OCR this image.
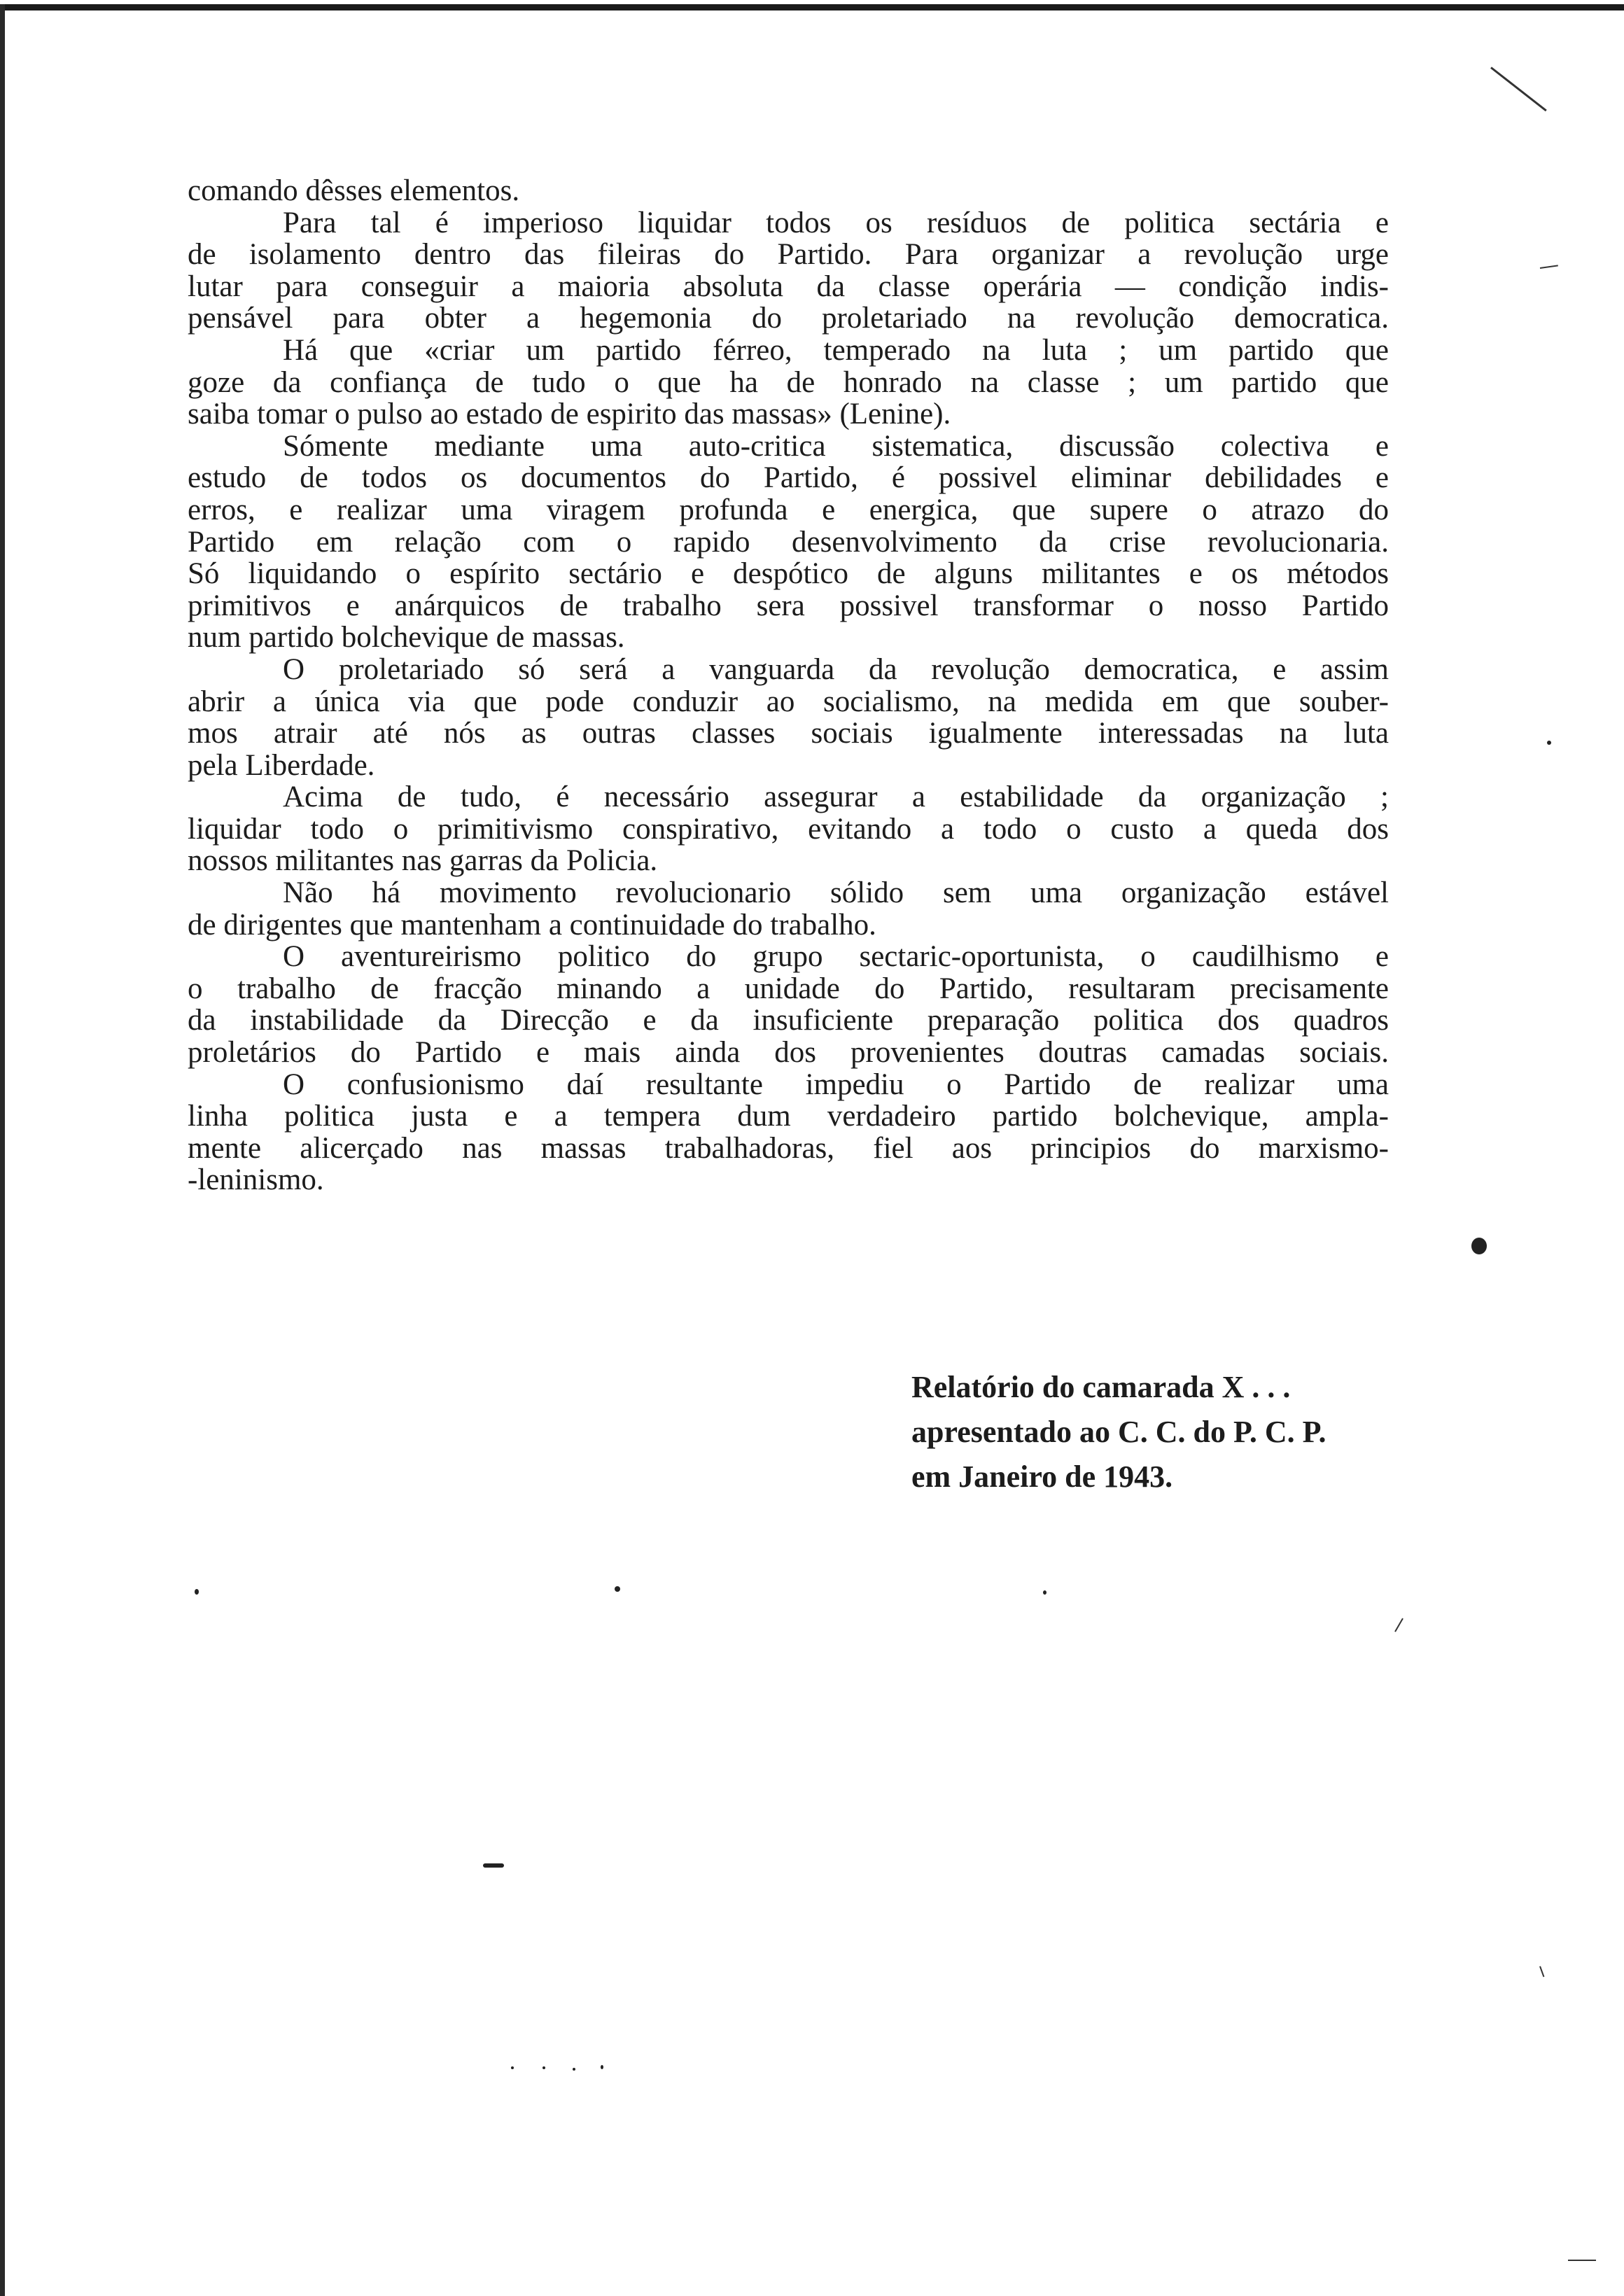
comando dêsses elementos.
Para tal é imperioso liquidar todos os resíduos de politica sectária e
de isolamento dentro das fileiras do Partido. Para organizar a revolução urge
lutar para conseguir a maioria absoluta da classe operária — condição indis-
pensável para obter a hegemonia do proletariado na revolução democratica.
Há que «criar um partido férreo, temperado na luta ; um partido que
goze da confiança de tudo o que ha de honrado na classe ; um partido que
saiba tomar o pulso ao estado de espirito das massas» (Lenine).
Sómente mediante uma auto-critica sistematica, discussão colectiva e
estudo de todos os documentos do Partido, é possivel eliminar debilidades e
erros, e realizar uma viragem profunda e energica, que supere o atrazo do
Partido em relação com o rapido desenvolvimento da crise revolucionaria.
Só liquidando o espírito sectário e despótico de alguns militantes e os métodos
primitivos e anárquicos de trabalho sera possivel transformar o nosso Partido
num partido bolchevique de massas.
O proletariado só será a vanguarda da revolução democratica, e assim
abrir a única via que pode conduzir ao socialismo, na medida em que souber-
mos atrair até nós as outras classes sociais igualmente interessadas na luta
pela Liberdade.
Acima de tudo, é necessário assegurar a estabilidade da organização ;
liquidar todo o primitivismo conspirativo, evitando a todo o custo a queda dos
nossos militantes nas garras da Policia.
Não há movimento revolucionario sólido sem uma organização estável
de dirigentes que mantenham a continuidade do trabalho.
O aventureirismo politico do grupo sectaric-oportunista, o caudilhismo e
o trabalho de fracção minando a unidade do Partido, resultaram precisamente
da instabilidade da Direcção e da insuficiente preparação politica dos quadros
proletários do Partido e mais ainda dos provenientes doutras camadas sociais.
O confusionismo daí resultante impediu o Partido de realizar uma
linha politica justa e a tempera dum verdadeiro partido bolchevique, ampla-
mente alicerçado nas massas trabalhadoras, fiel aos principios do marxismo-
-leninismo.
Relatório do camarada X . . .
apresentado ao C. C. do P. C. P.
em Janeiro de 1943.
